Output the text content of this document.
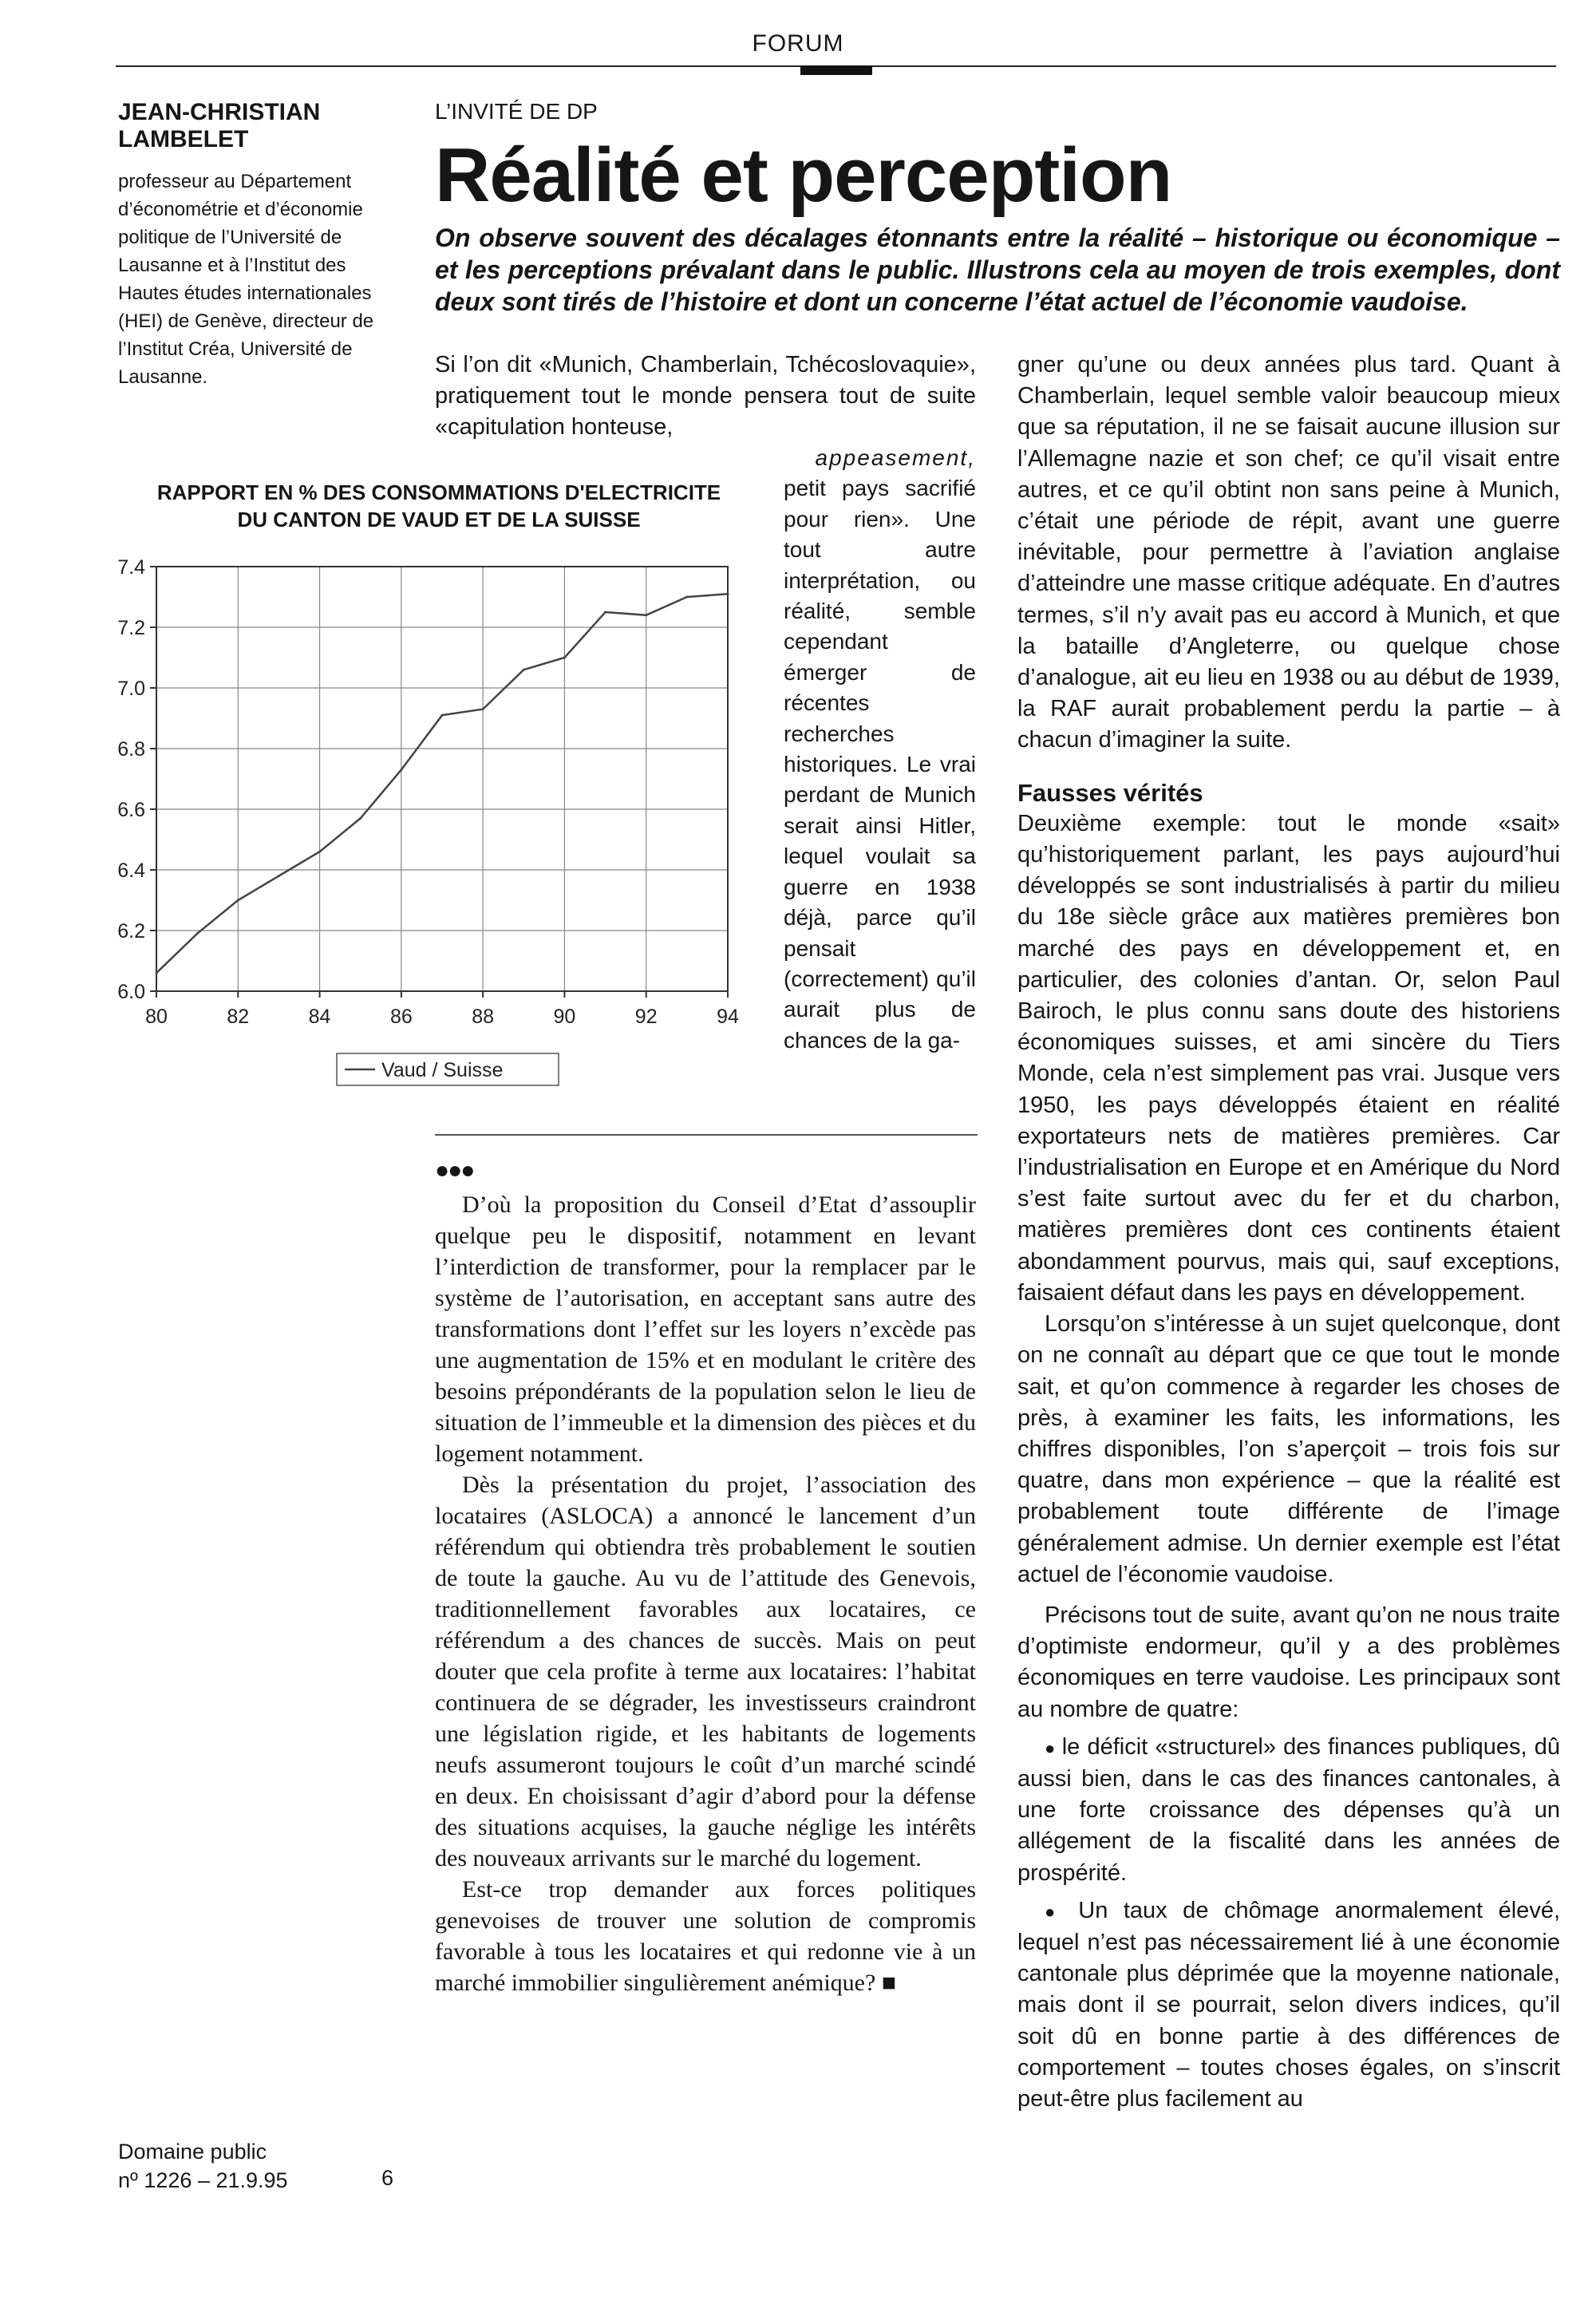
FORUM
JEAN-CHRISTIAN
LAMBELET
professeur au Département d’économétrie et d’économie politique de l’Université de Lausanne et à l’Institut des Hautes études internationales (HEI) de Genève, directeur de l’Institut Créa, Université de Lausanne.
L’INVITÉ DE DP
Réalité et perception
On observe souvent des décalages étonnants entre la réalité – historique ou économique – et les perceptions prévalant dans le public. Illustrons cela au moyen de trois exemples, dont deux sont tirés de l’histoire et dont un concerne l’état actuel de l’économie vaudoise.

Si l’on dit «Munich, Chamberlain, Tchécoslovaquie», pratiquement tout le monde pensera tout de suite «capitulation honteuse,

appeasement,

petit pays sacrifié pour rien». Une tout autre interprétation, ou réalité, semble cependant émerger de récentes recherches historiques. Le vrai perdant de Munich serait ainsi Hitler, lequel voulait sa guerre en 1938 déjà, parce qu’il pensait (correctement) qu’il aurait plus de chances de la ga-

RAPPORT EN % DES CONSOMMATIONS D'ELECTRICITE
DU CANTON DE VAUD ET DE LA SUISSE
80	82	84	86	88	90	92	94
6.0
6.2
6.4
6.6
6.8
7.0
7.2
7.4
Vaud / Suisse
●●●

D’où la proposition du Conseil d’Etat d’assouplir quelque peu le dispositif, notamment en levant l’interdiction de transformer, pour la remplacer par le système de l’autorisation, en acceptant sans autre des transformations dont l’effet sur les loyers n’excède pas une augmentation de 15% et en modulant le critère des besoins prépondérants de la population selon le lieu de situation de l’immeuble et la dimension des pièces et du logement notamment.

Dès la présentation du projet, l’association des locataires (ASLOCA) a annoncé le lancement d’un référendum qui obtiendra très probablement le soutien de toute la gauche. Au vu de l’attitude des Genevois, traditionnellement favorables aux locataires, ce référendum a des chances de succès. Mais on peut douter que cela profite à terme aux locataires: l’habitat continuera de se dégrader, les investisseurs craindront une législation rigide, et les habitants de logements neufs assumeront toujours le coût d’un marché scindé en deux. En choisissant d’agir d’abord pour la défense des situations acquises, la gauche néglige les intérêts des nouveaux arrivants sur le marché du logement.

Est-ce trop demander aux forces politiques genevoises de trouver une solution de compromis favorable à tous les locataires et qui redonne vie à un marché immobilier singulièrement anémique? ■

gner qu’une ou deux années plus tard. Quant à Chamberlain, lequel semble valoir beaucoup mieux que sa réputation, il ne se faisait aucune illusion sur l’Allemagne nazie et son chef; ce qu’il visait entre autres, et ce qu’il obtint non sans peine à Munich, c’était une période de répit, avant une guerre inévitable, pour permettre à l’aviation anglaise d’atteindre une masse critique adéquate. En d’autres termes, s’il n’y avait pas eu accord à Munich, et que la bataille d’Angleterre, ou quelque chose d’analogue, ait eu lieu en 1938 ou au début de 1939, la RAF aurait probablement perdu la partie – à chacun d’imaginer la suite.

Fausses vérités

Deuxième exemple: tout le monde «sait» qu’historiquement parlant, les pays aujourd’hui développés se sont industrialisés à partir du milieu du 18e siècle grâce aux matières premières bon marché des pays en développement et, en particulier, des colonies d’antan. Or, selon Paul Bairoch, le plus connu sans doute des historiens économiques suisses, et ami sincère du Tiers Monde, cela n’est simplement pas vrai. Jusque vers 1950, les pays développés étaient en réalité exportateurs nets de matières premières. Car l’industrialisation en Europe et en Amérique du Nord s’est faite surtout avec du fer et du charbon, matières premières dont ces continents étaient abondamment pourvus, mais qui, sauf exceptions, faisaient défaut dans les pays en développement.

Lorsqu’on s’intéresse à un sujet quelconque, dont on ne connaît au départ que ce que tout le monde sait, et qu’on commence à regarder les choses de près, à examiner les faits, les informations, les chiffres disponibles, l’on s’aperçoit – trois fois sur quatre, dans mon expérience – que la réalité est probablement toute différente de l’image généralement admise. Un dernier exemple est l’état actuel de l’économie vaudoise.

Précisons tout de suite, avant qu’on ne nous traite d’optimiste endormeur, qu’il y a des problèmes économiques en terre vaudoise. Les principaux sont au nombre de quatre:

● le déficit «structurel» des finances publiques, dû aussi bien, dans le cas des finances cantonales, à une forte croissance des dépenses qu’à un allégement de la fiscalité dans les années de prospérité.

● Un taux de chômage anormalement élevé, lequel n’est pas nécessairement lié à une économie cantonale plus déprimée que la moyenne nationale, mais dont il se pourrait, selon divers indices, qu’il soit dû en bonne partie à des différences de comportement – toutes choses égales, on s’inscrit peut-être plus facilement au

Domaine public
nº 1226 – 21.9.95	6
